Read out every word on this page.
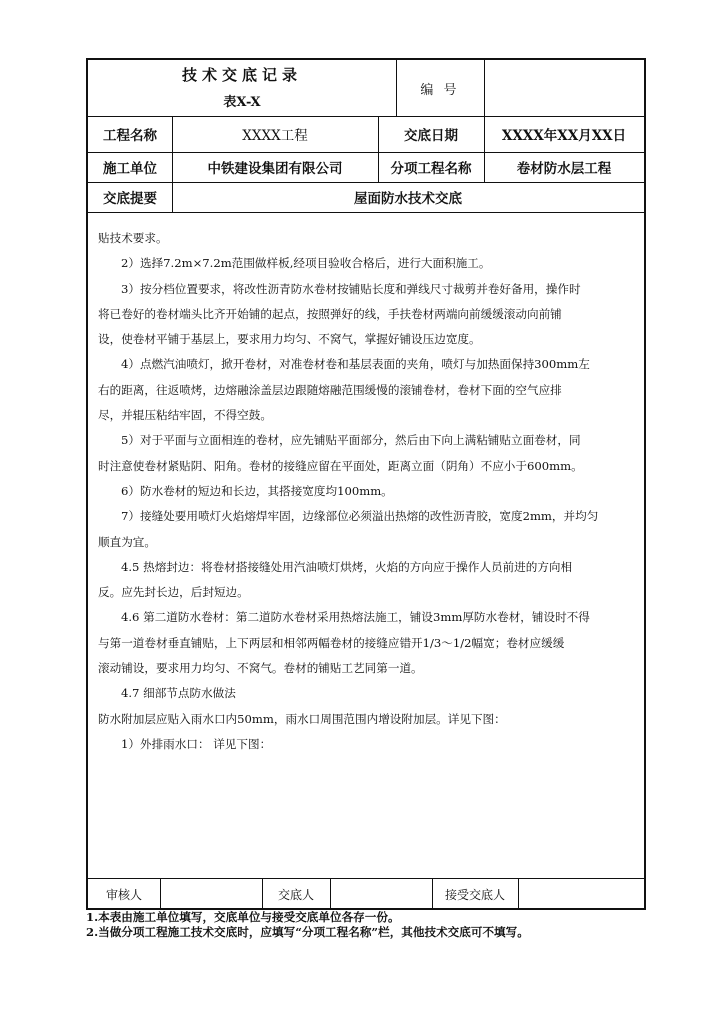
技术交底记录
表X-X
编 号
工程名称	XXXX工程	交底日期	XXXX年XX月XX日
施工单位	中铁建设集团有限公司	分项工程名称	卷材防水层工程
交底提要	屋面防水技术交底

贴技术要求。

2）选择7.2m×7.2m范围做样板,经项目验收合格后，进行大面积施工。

3）按分档位置要求，将改性沥青防水卷材按铺贴长度和弹线尺寸裁剪并卷好备用，操作时

将已卷好的卷材端头比齐开始铺的起点，按照弹好的线，手扶卷材两端向前缓缓滚动向前铺

设，使卷材平铺于基层上，要求用力均匀、不窝气，掌握好铺设压边宽度。

4）点燃汽油喷灯，掀开卷材，对准卷材卷和基层表面的夹角，喷灯与加热面保持300mm左

右的距离，往返喷烤，边熔融涂盖层边跟随熔融范围缓慢的滚铺卷材，卷材下面的空气应排

尽，并辊压粘结牢固，不得空鼓。

5）对于平面与立面相连的卷材，应先铺贴平面部分，然后由下向上满粘铺贴立面卷材，同

时注意使卷材紧贴阴、阳角。卷材的接缝应留在平面处，距离立面（阴角）不应小于600mm。

6）防水卷材的短边和长边，其搭接宽度均100mm。

7）接缝处要用喷灯火焰熔焊牢固，边缘部位必须溢出热熔的改性沥青胶，宽度2mm，并均匀

顺直为宜。

4.5 热熔封边：将卷材搭接缝处用汽油喷灯烘烤，火焰的方向应于操作人员前进的方向相

反。应先封长边，后封短边。

4.6 第二道防水卷材：第二道防水卷材采用热熔法施工，铺设3mm厚防水卷材，铺设时不得

与第一道卷材垂直铺贴，上下两层和相邻两幅卷材的接缝应错开1/3～1/2幅宽；卷材应缓缓

滚动铺设，要求用力均匀、不窝气。卷材的铺贴工艺同第一道。

4.7 细部节点防水做法

防水附加层应贴入雨水口内50mm，雨水口周围范围内增设附加层。详见下图：

1）外排雨水口： 详见下图：

审核人	交底人	接受交底人

1.本表由施工单位填写，交底单位与接受交底单位各存一份。

2.当做分项工程施工技术交底时，应填写“分项工程名称”栏，其他技术交底可不填写。
